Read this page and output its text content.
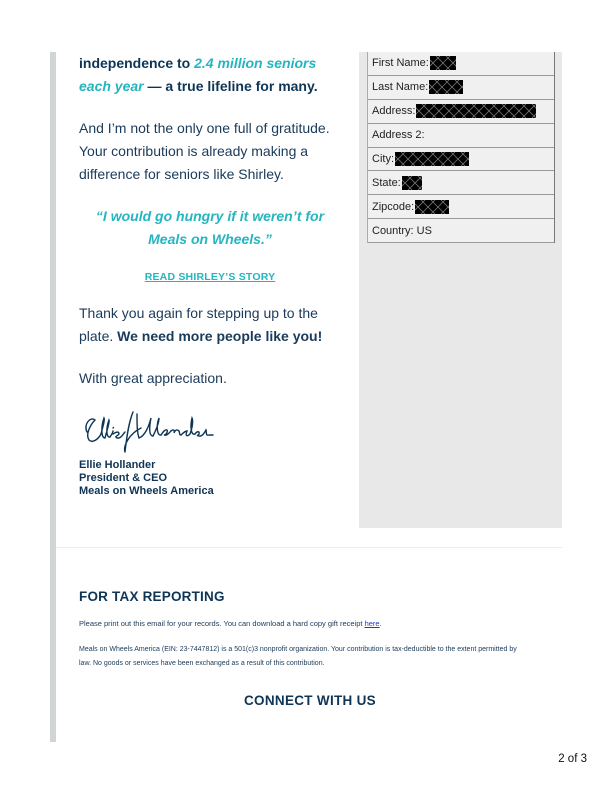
independence to 2.4 million seniors each year — a true lifeline for many.

And I’m not the only one full of gratitude. Your contribution is already making a difference for seniors like Shirley.

“I would go hungry if it weren’t for Meals on Wheels.”

READ SHIRLEY’S STORY

Thank you again for stepping up to the plate. We need more people like you!

With great appreciation.

Ellie Hollander

President & CEO

Meals on Wheels America

First Name:
Last Name:
Address:
Address 2:
City:
State:
Zipcode:
Country: US

FOR TAX REPORTING

Please print out this email for your records. You can download a hard copy gift receipt here.

Meals on Wheels America (EIN: 23-7447812) is a 501(c)3 nonprofit organization. Your contribution is tax-deductible to the extent permitted by law. No goods or services have been exchanged as a result of this contribution.

CONNECT WITH US

2 of 3
